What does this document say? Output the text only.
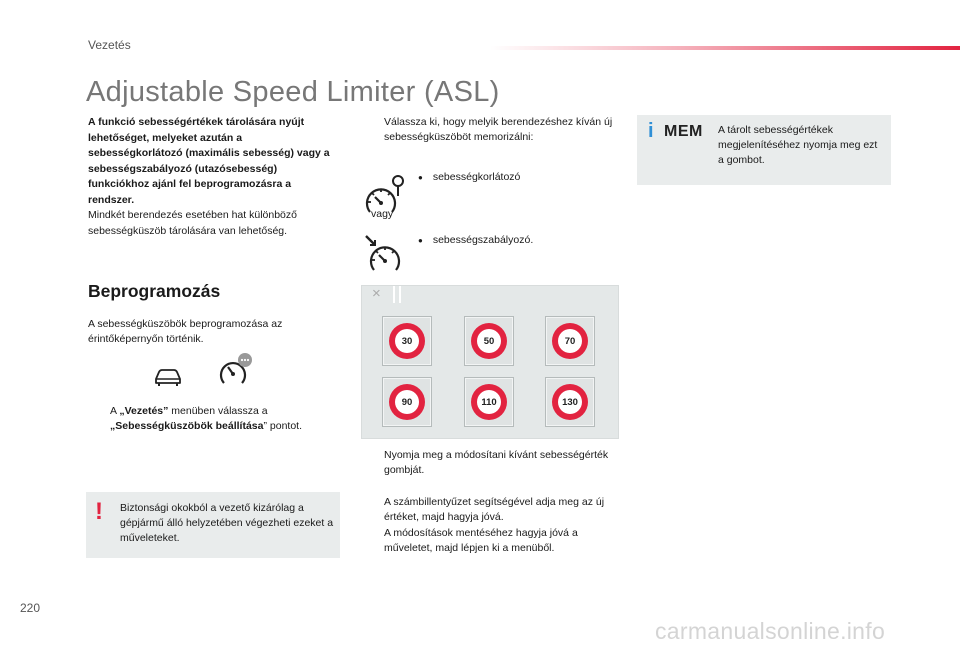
Vezetés
Adjustable Speed Limiter (ASL)
A funkció sebességértékek tárolására nyújt lehetőséget, melyeket azután a sebességkorlátozó (maximális sebesség) vagy a sebességszabályozó (utazósebesség) funkciókhoz ajánl fel beprogramozásra a rendszer.
Mindkét berendezés esetében hat különböző sebességküszöb tárolására van lehetőség.
Beprogramozás
A sebességküszöbök beprogramozása az érintőképernyőn történik.
A „Vezetés” menüben válassza a „Sebességküszöbök beállítása” pontot.
! Biztonsági okokból a vezető kizárólag a gépjármű álló helyzetében végezheti ezeket a műveleteket.
Válassza ki, hogy melyik berendezéshez kíván új sebességküszöböt memorizálni:
● sebességkorlátozó
vagy
● sebességszabályozó.
×
30	50	70
90	110	130
Nyomja meg a módosítani kívánt sebességérték gombját.
A számbillentyűzet segítségével adja meg az új értéket, majd hagyja jóvá.
A módosítások mentéséhez hagyja jóvá a műveletet, majd lépjen ki a menüből.
i MEM A tárolt sebességértékek megjelenítéséhez nyomja meg ezt a gombot.
220
carmanualsonline.info
